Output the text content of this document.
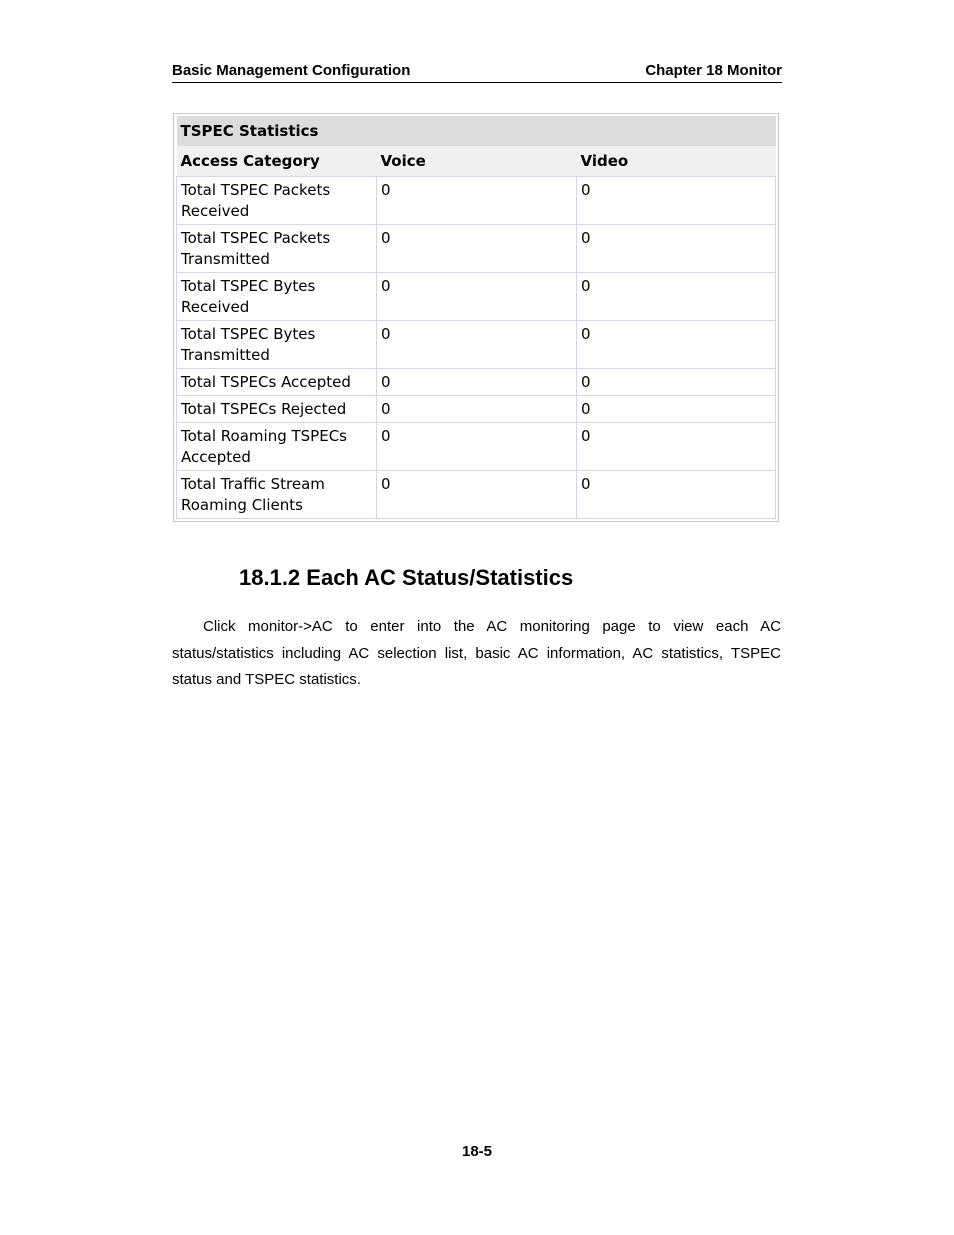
Basic Management Configuration	Chapter 18 Monitor
TSPEC Statistics		
Access Category	Voice	Video
Total TSPEC Packets Received	0	0
Total TSPEC Packets Transmitted	0	0
Total TSPEC Bytes Received	0	0
Total TSPEC Bytes Transmitted	0	0
Total TSPECs Accepted	0	0
Total TSPECs Rejected	0	0
Total Roaming TSPECs Accepted	0	0
Total Traffic Stream Roaming Clients	0	0
18.1.2 Each AC Status/Statistics

Click monitor->AC to enter into the AC monitoring page to view each AC status/statistics including AC selection list, basic AC information, AC statistics, TSPEC status and TSPEC statistics.

18-5
